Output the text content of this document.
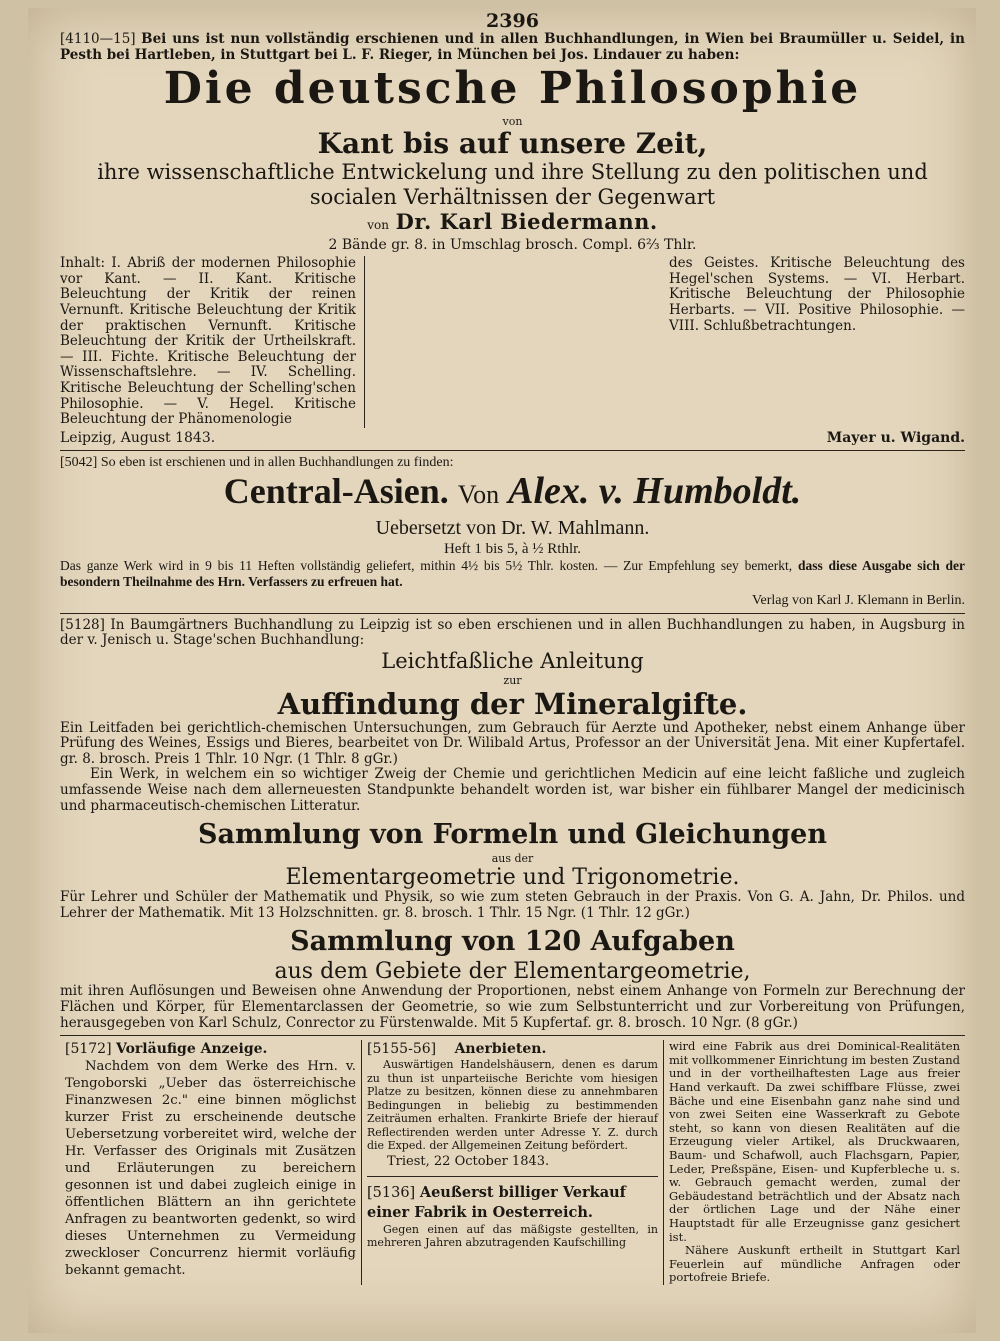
2396

[4110—15] Bei uns ist nun vollständig erschienen und in allen Buchhandlungen, in Wien bei Braumüller u. Seidel, in Pesth bei Hartleben, in Stuttgart bei L. F. Rieger, in München bei Jos. Lindauer zu haben:

Die deutsche Philosophie
von
Kant bis auf unsere Zeit,
ihre wissenschaftliche Entwickelung und ihre Stellung zu den politischen und socialen Verhältnissen der Gegenwart
von Dr. Karl Biedermann.
2 Bände gr. 8. in Umschlag brosch. Compl. 6⅔ Thlr.

Inhalt: I. Abriß der modernen Philosophie vor Kant. — II. Kant. Kritische Beleuchtung der Kritik der reinen Vernunft. Kritische Beleuchtung der Kritik der praktischen Vernunft. Kritische Beleuchtung der Kritik der Urtheilskraft. — III. Fichte. Kritische Beleuchtung der Wissenschaftslehre. — IV. Schelling. Kritische Beleuchtung der Schelling'schen Philosophie. — V. Hegel. Kritische Beleuchtung der Phänomenologie

des Geistes. Kritische Beleuchtung des Hegel'schen Systems. — VI. Herbart. Kritische Beleuchtung der Philosophie Herbarts. — VII. Positive Philosophie. — VIII. Schlußbetrachtungen.

Leipzig, August 1843.	Mayer u. Wigand.

[5042] So eben ist erschienen und in allen Buchhandlungen zu finden:

Central-Asien. Von Alex. v. Humboldt.
Uebersetzt von Dr. W. Mahlmann.
Heft 1 bis 5, à ½ Rthlr.

Das ganze Werk wird in 9 bis 11 Heften vollständig geliefert, mithin 4½ bis 5½ Thlr. kosten. — Zur Empfehlung sey bemerkt, dass diese Ausgabe sich der besondern Theilnahme des Hrn. Verfassers zu erfreuen hat.

Verlag von Karl J. Klemann in Berlin.

[5128] In Baumgärtners Buchhandlung zu Leipzig ist so eben erschienen und in allen Buchhandlungen zu haben, in Augsburg in der v. Jenisch u. Stage'schen Buchhandlung:

Leichtfaßliche Anleitung
zur
Auffindung der Mineralgifte.

Ein Leitfaden bei gerichtlich-chemischen Untersuchungen, zum Gebrauch für Aerzte und Apotheker, nebst einem Anhange über Prüfung des Weines, Essigs und Bieres, bearbeitet von Dr. Wilibald Artus, Professor an der Universität Jena. Mit einer Kupfertafel. gr. 8. brosch. Preis 1 Thlr. 10 Ngr. (1 Thlr. 8 gGr.)

Ein Werk, in welchem ein so wichtiger Zweig der Chemie und gerichtlichen Medicin auf eine leicht faßliche und zugleich umfassende Weise nach dem allerneuesten Standpunkte behandelt worden ist, war bisher ein fühlbarer Mangel der medicinisch und pharmaceutisch-chemischen Litteratur.

Sammlung von Formeln und Gleichungen
aus der
Elementargeometrie und Trigonometrie.

Für Lehrer und Schüler der Mathematik und Physik, so wie zum steten Gebrauch in der Praxis. Von G. A. Jahn, Dr. Philos. und Lehrer der Mathematik. Mit 13 Holzschnitten. gr. 8. brosch. 1 Thlr. 15 Ngr. (1 Thlr. 12 gGr.)

Sammlung von 120 Aufgaben
aus dem Gebiete der Elementargeometrie,

mit ihren Auflösungen und Beweisen ohne Anwendung der Proportionen, nebst einem Anhange von Formeln zur Berechnung der Flächen und Körper, für Elementarclassen der Geometrie, so wie zum Selbstunterricht und zur Vorbereitung von Prüfungen, herausgegeben von Karl Schulz, Conrector zu Fürstenwalde. Mit 5 Kupfertaf. gr. 8. brosch. 10 Ngr. (8 gGr.)

[5172] Vorläufige Anzeige.

Nachdem von dem Werke des Hrn. v. Tengoborski „Ueber das österreichische Finanzwesen 2c." eine binnen möglichst kurzer Frist zu erscheinende deutsche Uebersetzung vorbereitet wird, welche der Hr. Verfasser des Originals mit Zusätzen und Erläuterungen zu bereichern gesonnen ist und dabei zugleich einige in öffentlichen Blättern an ihn gerichtete Anfragen zu beantworten gedenkt, so wird dieses Unternehmen zu Vermeidung zweckloser Concurrenz hiermit vorläufig bekannt gemacht.

[5155-56] Anerbieten.

Auswärtigen Handelshäusern, denen es darum zu thun ist unparteiische Berichte vom hiesigen Platze zu besitzen, können diese zu annehmbaren Bedingungen in beliebig zu bestimmenden Zeiträumen erhalten. Frankirte Briefe der hierauf Reflectirenden werden unter Adresse Y. Z. durch die Exped. der Allgemeinen Zeitung befördert.

Triest, 22 October 1843.
[5136] Aeußerst billiger Verkauf einer Fabrik in Oesterreich.

Gegen einen auf das mäßigste gestellten, in mehreren Jahren abzutragenden Kaufschilling

wird eine Fabrik aus drei Dominical-Realitäten mit vollkommener Einrichtung im besten Zustand und in der vortheilhaftesten Lage aus freier Hand verkauft. Da zwei schiffbare Flüsse, zwei Bäche und eine Eisenbahn ganz nahe sind und von zwei Seiten eine Wasserkraft zu Gebote steht, so kann von diesen Realitäten auf die Erzeugung vieler Artikel, als Druckwaaren, Baum- und Schafwoll, auch Flachsgarn, Papier, Leder, Preßspäne, Eisen- und Kupferbleche u. s. w. Gebrauch gemacht werden, zumal der Gebäudestand beträchtlich und der Absatz nach der örtlichen Lage und der Nähe einer Hauptstadt für alle Erzeugnisse ganz gesichert ist.

Nähere Auskunft ertheilt in Stuttgart Karl Feuerlein auf mündliche Anfragen oder portofreie Briefe.
